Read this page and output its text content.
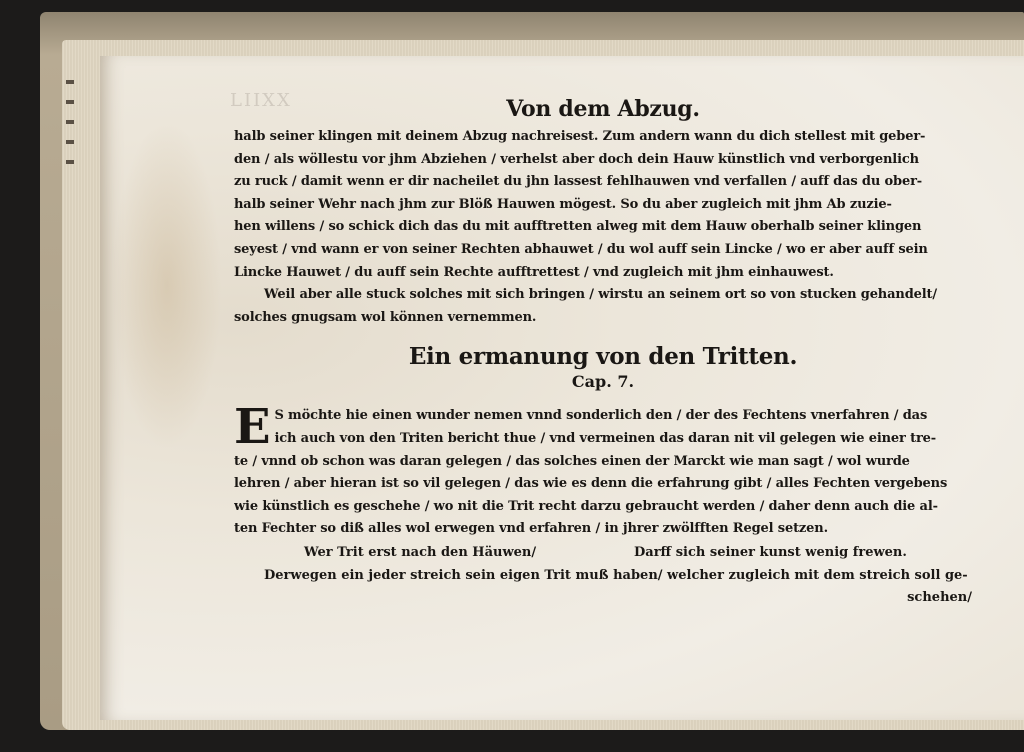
LIIXX	Von dem Abzug.

halb seiner klingen mit deinem Abzug nachreisest. Zum andern wann du dich stellest mit geber-
den / als wöllestu vor jhm Abziehen / verhelst aber doch dein Hauw künstlich vnd verborgenlich
zu ruck / damit wenn er dir nacheilet du jhn lassest fehlhauwen vnd verfallen / auff das du ober-
halb seiner Wehr nach jhm zur Blöß Hauwen mögest. So du aber zugleich mit jhm Ab zuzie-
hen willens / so schick dich das du mit aufftretten alweg mit dem Hauw oberhalb seiner klingen
seyest / vnd wann er von seiner Rechten abhauwet / du wol auff sein Lincke / wo er aber auff sein
Lincke Hauwet / du auff sein Rechte aufftrettest / vnd zugleich mit jhm einhauwest.

Weil aber alle stuck solches mit sich bringen / wirstu an seinem ort so von stucken gehandelt/
solches gnugsam wol können vernemmen.

Ein ermanung von den Tritten.
Cap. 7.

E S möchte hie einen wunder nemen vnnd sonderlich den / der des Fechtens vnerfahren / das
ich auch von den Triten bericht thue / vnd vermeinen das daran nit vil gelegen wie einer tre-
te / vnnd ob schon was daran gelegen / das solches einen der Marckt wie man sagt / wol wurde
lehren / aber hieran ist so vil gelegen / das wie es denn die erfahrung gibt / alles Fechten vergebens
wie künstlich es geschehe / wo nit die Trit recht darzu gebraucht werden / daher denn auch die al-
ten Fechter so diß alles wol erwegen vnd erfahren / in jhrer zwölfften Regel setzen.

Wer Trit erst nach den Häuwen/	Darff sich seiner kunst wenig frewen.
Derwegen ein jeder streich sein eigen Trit muß haben/ welcher zugleich mit dem streich soll ge-
schehen/
